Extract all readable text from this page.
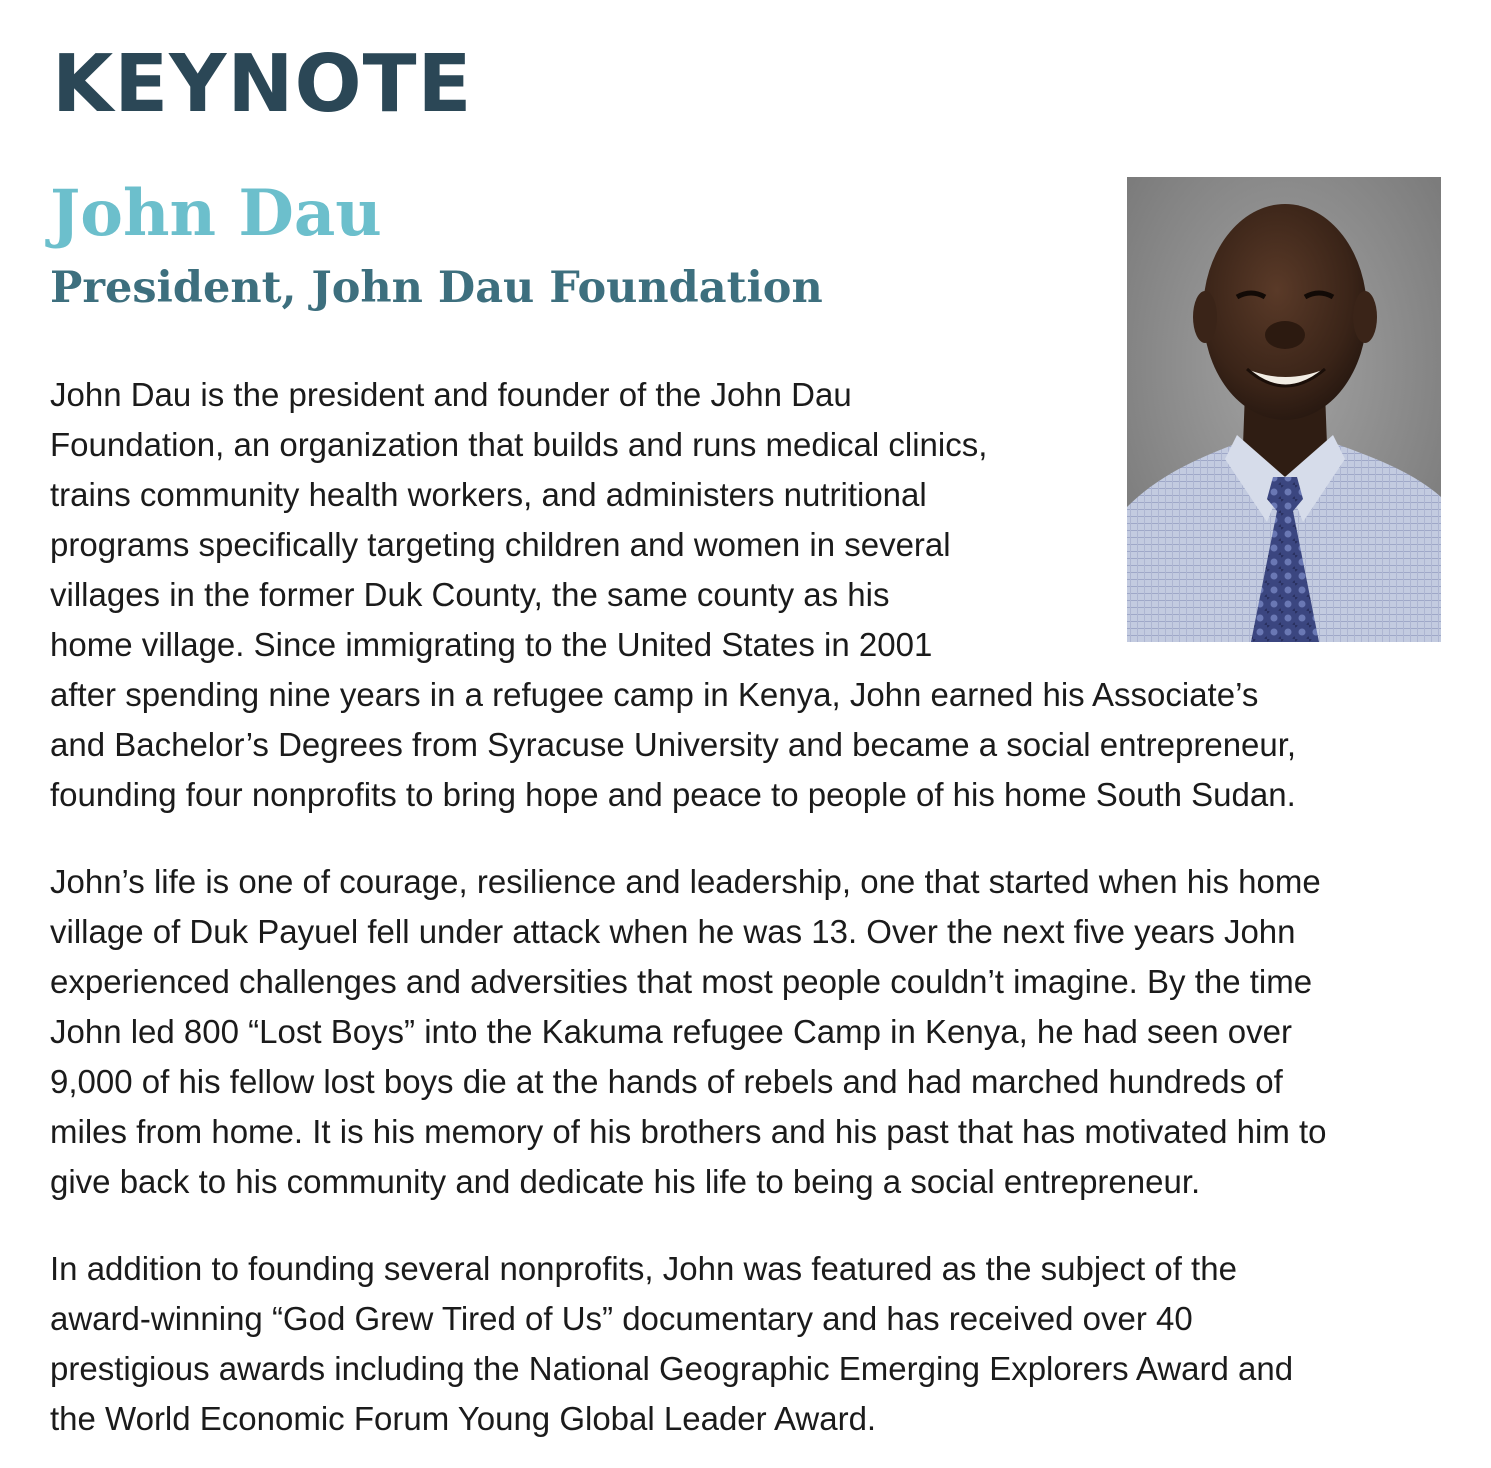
KEYNOTE
John Dau
President, John Dau Foundation

John Dau is the president and founder of the John Dau
Foundation, an organization that builds and runs medical clinics,
trains community health workers, and administers nutritional
programs specifically targeting children and women in several
villages in the former Duk County, the same county as his
home village. Since immigrating to the United States in 2001
after spending nine years in a refugee camp in Kenya, John earned his Associate’s
and Bachelor’s Degrees from Syracuse University and became a social entrepreneur,
founding four nonprofits to bring hope and peace to people of his home South Sudan.

John’s life is one of courage, resilience and leadership, one that started when his home
village of Duk Payuel fell under attack when he was 13. Over the next five years John
experienced challenges and adversities that most people couldn’t imagine. By the time
John led 800 “Lost Boys” into the Kakuma refugee Camp in Kenya, he had seen over
9,000 of his fellow lost boys die at the hands of rebels and had marched hundreds of
miles from home. It is his memory of his brothers and his past that has motivated him to
give back to his community and dedicate his life to being a social entrepreneur.

In addition to founding several nonprofits, John was featured as the subject of the
award-winning “God Grew Tired of Us” documentary and has received over 40
prestigious awards including the National Geographic Emerging Explorers Award and
the World Economic Forum Young Global Leader Award.
